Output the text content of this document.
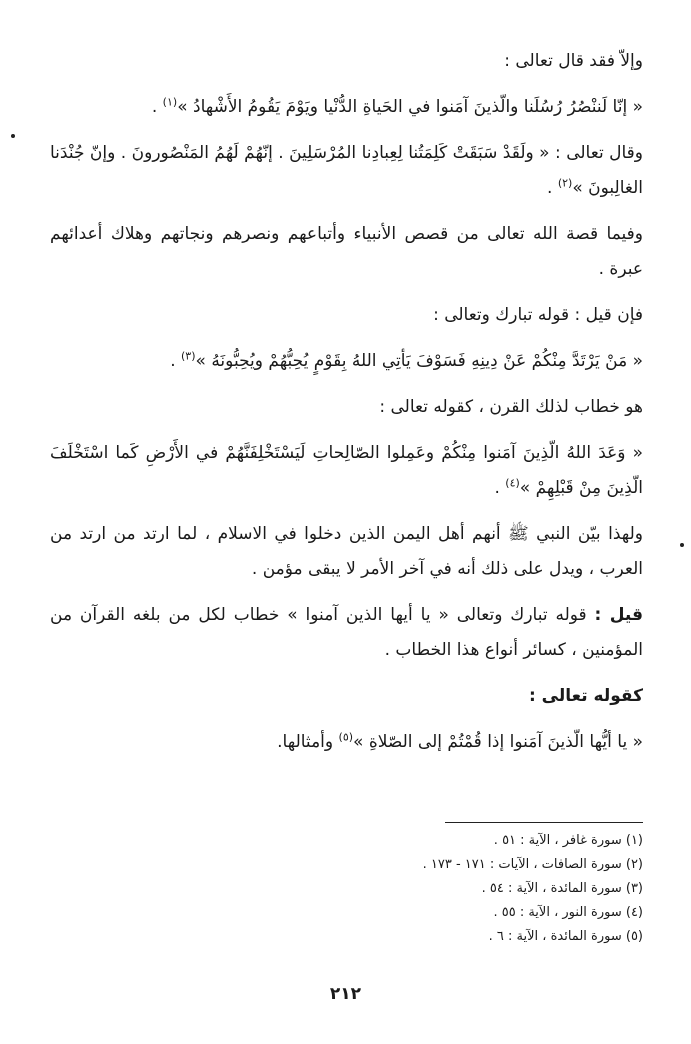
وإلاّ فقد قال تعالى :

« إنّا لَننْصُرُ رُسُلَنا والّذينَ آمَنوا في الحَياةِ الدُّنْيا ويَوْمَ يَقُومُ الأَشْهادُ »$^{(١)}$ .

وقال تعالى : « ولَقَدْ سَبَقَتْ كَلِمَتُنا لِعِبادِنا المُرْسَلِينَ . إنّهُمْ لَهُمُ المَنْصُورونَ . وإنّ جُنْدَنا الغالِبونَ »$^{(٢)}$ .

وفيما قصة الله تعالى من قصص الأنبياء وأتباعهم ونصرهم ونجاتهم وهلاك أعدائهم عبرة .

فإن قيل : قوله تبارك وتعالى :

« مَنْ يَرْتَدَّ مِنْكُمْ عَنْ دِينِهِ فَسَوْفَ يَأتِي اللهُ بِقَوْمٍ يُحِبُّهُمْ ويُحِبُّونَهُ »$^{(٣)}$ .

هو خطاب لذلك القرن ، كقوله تعالى :

« وَعَدَ اللهُ الّذِينَ آمَنوا مِنْكُمْ وعَمِلوا الصّالِحاتِ لَيَسْتَخْلِفَنَّهُمْ في الأَرْضِ كَما اسْتَخْلَفَ الّذِينَ مِنْ قَبْلِهِمْ »$^{(٤)}$ .

ولهذا بيّن النبي ﷺ أنهم أهل اليمن الذين دخلوا في الاسلام ، لما ارتد من ارتد من العرب ، ويدل على ذلك أنه في آخر الأمر لا يبقى مؤمن .

قيل : قوله تبارك وتعالى « يا أيها الذين آمنوا » خطاب لكل من بلغه القرآن من المؤمنين ، كسائر أنواع هذا الخطاب .

كقوله تعالى :

« يا أيُّها الّذينَ آمَنوا إذا قُمْتُمْ إلى الصّلاةِ »$^{(٥)}$ وأمثالها.

(١) سورة غافر ، الآية : ٥١ .
(٢) سورة الصافات ، الآيات : ١٧١ - ١٧٣ .
(٣) سورة المائدة ، الآية : ٥٤ .
(٤) سورة النور ، الآية : ٥٥ .
(٥) سورة المائدة ، الآية : ٦ .
٢١٢
